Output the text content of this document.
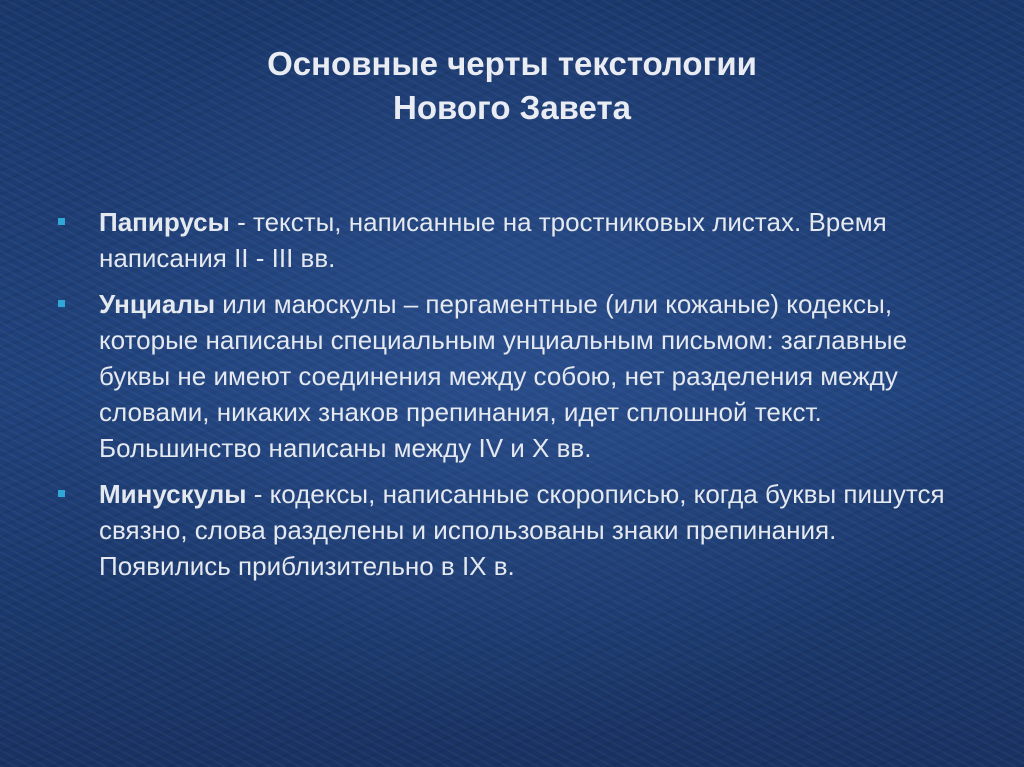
Основные черты текстологии
Нового Завета
Папирусы - тексты, написанные на тростниковых листах. Время написания II - III вв.
Унциалы или маюскулы – пергаментные (или кожаные) кодексы, которые написаны специальным унциальным письмом: заглавные буквы не имеют соединения между собою, нет разделения между словами, никаких знаков препинания, идет сплошной текст. Большинство написаны между IV и X вв.
Минускулы - кодексы, написанные скорописью, когда буквы пишутся связно, слова разделены и использованы знаки препинания. Появились приблизительно в IX в.
